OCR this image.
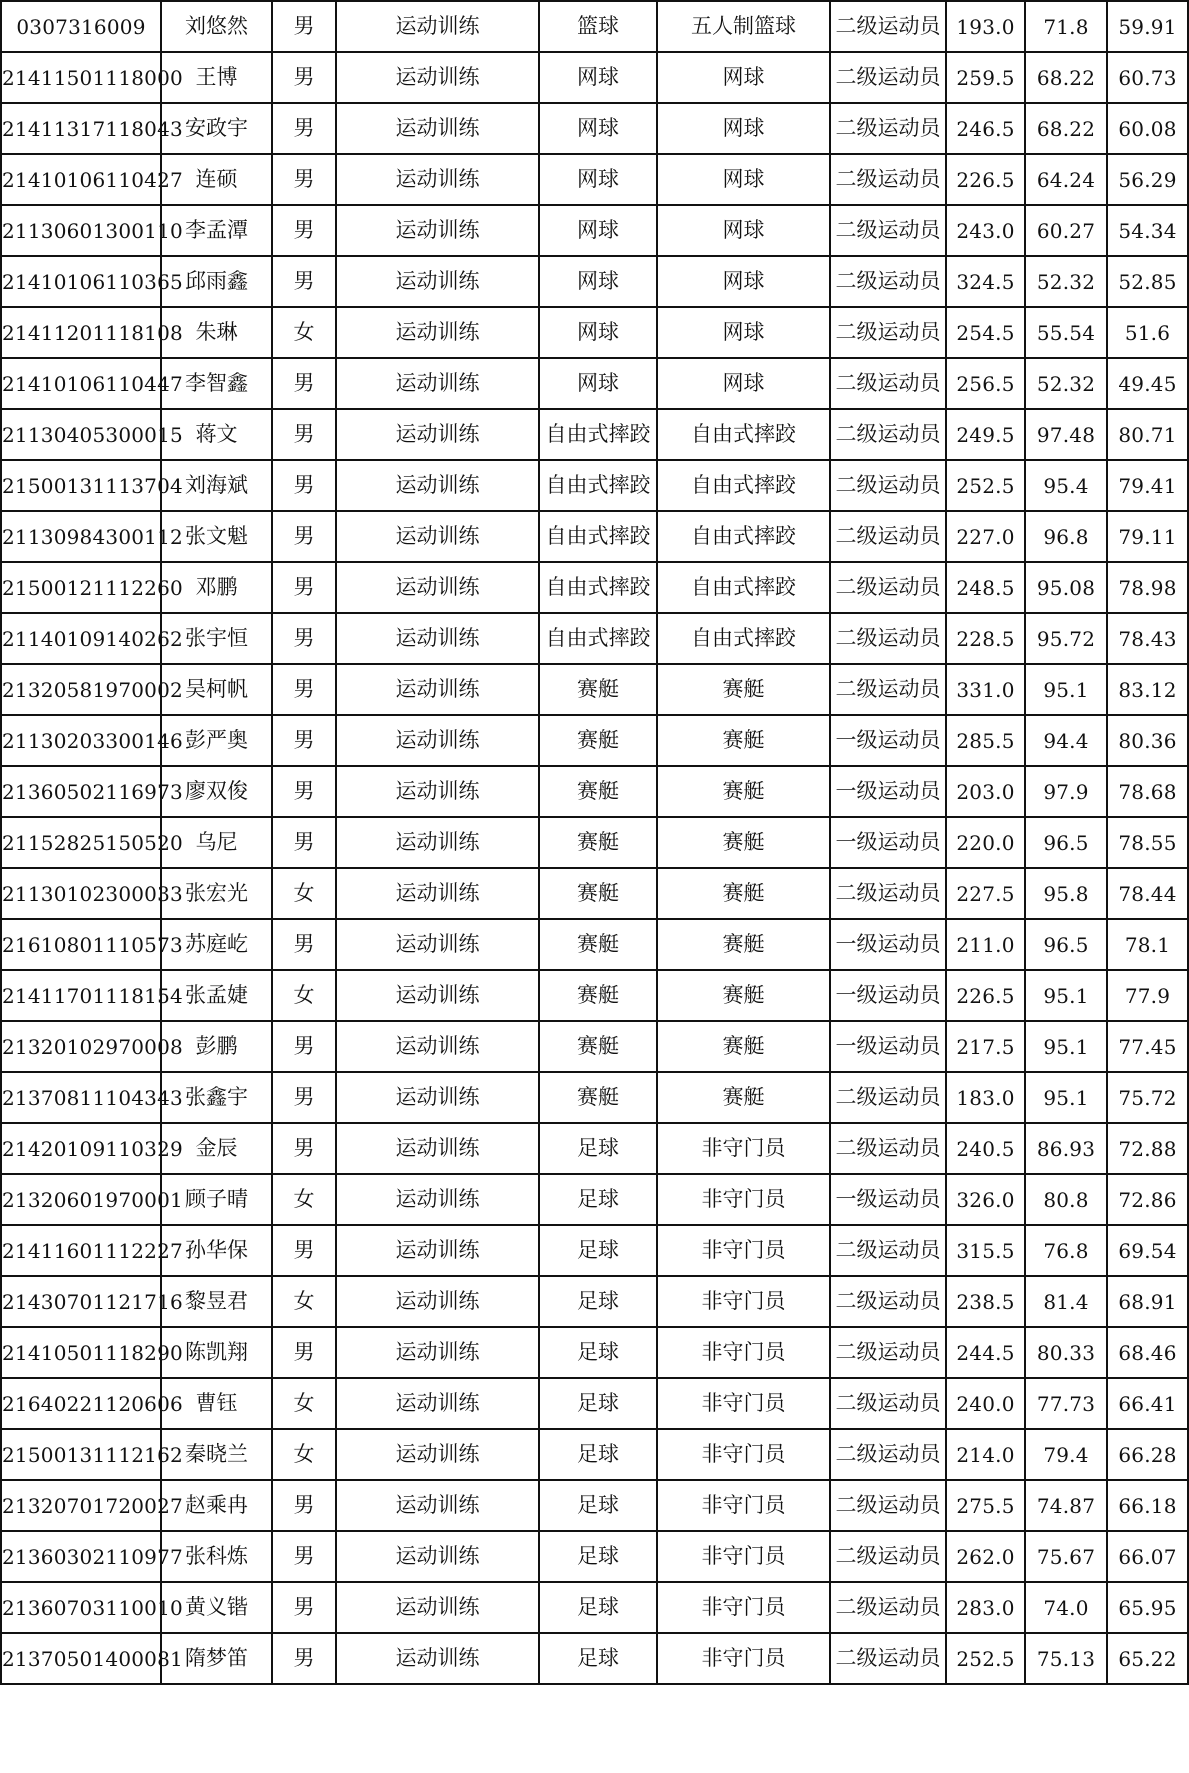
0307316009	刘悠然	男	运动训练	篮球	五人制篮球	二级运动员	193.0	71.8	59.91
21411501118000	王博	男	运动训练	网球	网球	二级运动员	259.5	68.22	60.73
21411317118043	安政宇	男	运动训练	网球	网球	二级运动员	246.5	68.22	60.08
21410106110427	连硕	男	运动训练	网球	网球	二级运动员	226.5	64.24	56.29
21130601300110	李孟潭	男	运动训练	网球	网球	二级运动员	243.0	60.27	54.34
21410106110365	邱雨鑫	男	运动训练	网球	网球	二级运动员	324.5	52.32	52.85
21411201118108	朱琳	女	运动训练	网球	网球	二级运动员	254.5	55.54	51.6
21410106110447	李智鑫	男	运动训练	网球	网球	二级运动员	256.5	52.32	49.45
21130405300015	蒋文	男	运动训练	自由式摔跤	自由式摔跤	二级运动员	249.5	97.48	80.71
21500131113704	刘海斌	男	运动训练	自由式摔跤	自由式摔跤	二级运动员	252.5	95.4	79.41
21130984300112	张文魁	男	运动训练	自由式摔跤	自由式摔跤	二级运动员	227.0	96.8	79.11
21500121112260	邓鹏	男	运动训练	自由式摔跤	自由式摔跤	二级运动员	248.5	95.08	78.98
21140109140262	张宇恒	男	运动训练	自由式摔跤	自由式摔跤	二级运动员	228.5	95.72	78.43
21320581970002	吴柯帆	男	运动训练	赛艇	赛艇	二级运动员	331.0	95.1	83.12
21130203300146	彭严奥	男	运动训练	赛艇	赛艇	一级运动员	285.5	94.4	80.36
21360502116973	廖双俊	男	运动训练	赛艇	赛艇	一级运动员	203.0	97.9	78.68
21152825150520	乌尼	男	运动训练	赛艇	赛艇	一级运动员	220.0	96.5	78.55
21130102300033	张宏光	女	运动训练	赛艇	赛艇	二级运动员	227.5	95.8	78.44
21610801110573	苏庭屹	男	运动训练	赛艇	赛艇	一级运动员	211.0	96.5	78.1
21411701118154	张孟婕	女	运动训练	赛艇	赛艇	一级运动员	226.5	95.1	77.9
21320102970008	彭鹏	男	运动训练	赛艇	赛艇	一级运动员	217.5	95.1	77.45
21370811104343	张鑫宇	男	运动训练	赛艇	赛艇	二级运动员	183.0	95.1	75.72
21420109110329	金辰	男	运动训练	足球	非守门员	二级运动员	240.5	86.93	72.88
21320601970001	顾子晴	女	运动训练	足球	非守门员	一级运动员	326.0	80.8	72.86
21411601112227	孙华保	男	运动训练	足球	非守门员	二级运动员	315.5	76.8	69.54
21430701121716	黎昱君	女	运动训练	足球	非守门员	二级运动员	238.5	81.4	68.91
21410501118290	陈凯翔	男	运动训练	足球	非守门员	二级运动员	244.5	80.33	68.46
21640221120606	曹钰	女	运动训练	足球	非守门员	二级运动员	240.0	77.73	66.41
21500131112162	秦晓兰	女	运动训练	足球	非守门员	二级运动员	214.0	79.4	66.28
21320701720027	赵乘冉	男	运动训练	足球	非守门员	二级运动员	275.5	74.87	66.18
21360302110977	张科炼	男	运动训练	足球	非守门员	二级运动员	262.0	75.67	66.07
21360703110010	黄义锴	男	运动训练	足球	非守门员	二级运动员	283.0	74.0	65.95
21370501400081	隋梦笛	男	运动训练	足球	非守门员	二级运动员	252.5	75.13	65.22
